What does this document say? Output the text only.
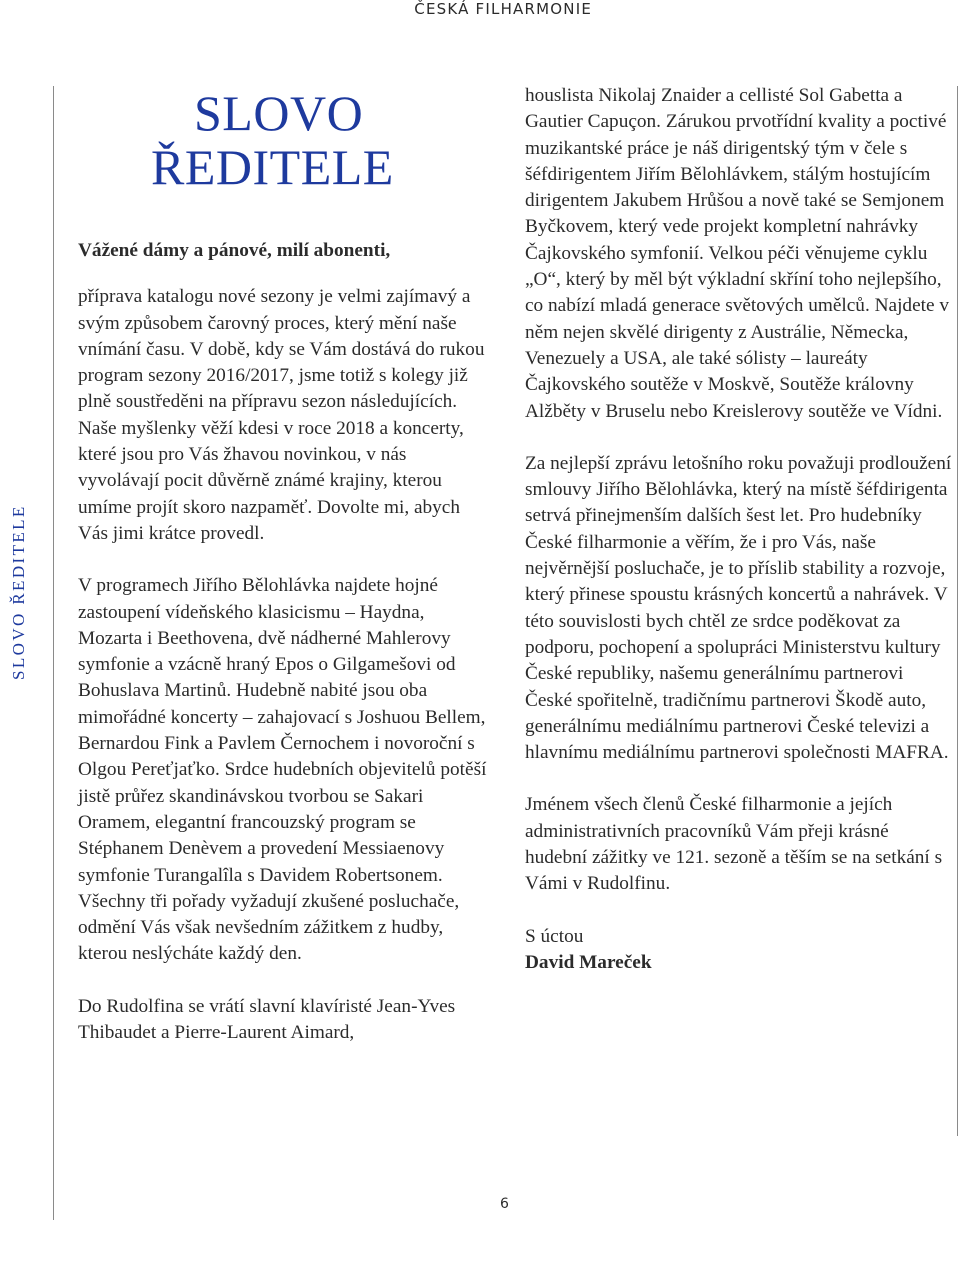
ČESKÁ FILHARMONIE
SLOVO ŘEDITELE
SLOVO
ŘEDITELE

Vážené dámy a pánové, milí abonenti,

příprava katalogu nové sezony je velmi zajímavý a svým způsobem čarovný proces, který mění naše vnímání času. V době, kdy se Vám dostává do rukou program sezony 2016/2017, jsme totiž s kolegy již plně soustředěni na přípravu sezon následujících. Naše myšlenky věží kdesi v roce 2018 a koncerty, které jsou pro Vás žhavou novinkou, v nás vyvolávají pocit důvěrně známé krajiny, kterou umíme projít skoro nazpaměť. Dovolte mi, abych Vás jimi krátce provedl.

V programech Jiřího Bělohlávka najdete hojné zastoupení vídeňského klasicismu – Haydna, Mozarta i Beethovena, dvě nádherné Mahlerovy symfonie a vzácně hraný Epos o Gilgamešovi od Bohuslava Martinů. Hudebně nabité jsou oba mimořádné koncerty – zahajovací s Joshuou Bellem, Bernardou Fink a Pavlem Černochem i novoroční s Olgou Pereťjaťko. Srdce hudebních objevitelů potěší jistě průřez skandinávskou tvorbou se Sakari Oramem, elegantní francouzský program se Stéphanem Denèvem a provedení Messiaenovy symfonie Turangalîla s Davidem Robertsonem. Všechny tři pořady vyžadují zkušené posluchače, odmění Vás však nevšedním zážitkem z hudby, kterou neslýcháte každý den.

Do Rudolfina se vrátí slavní klavíristé Jean-Yves Thibaudet a Pierre-Laurent Aimard,

houslista Nikolaj Znaider a cellisté Sol Gabetta a Gautier Capuçon. Zárukou prvotřídní kvality a poctivé muzikantské práce je náš dirigentský tým v čele s šéfdirigentem Jiřím Bělohlávkem, stálým hostujícím dirigentem Jakubem Hrůšou a nově také se Semjonem Byčkovem, který vede projekt kompletní nahrávky Čajkovského symfonií. Velkou péči věnujeme cyklu „O“, který by měl být výkladní skříní toho nejlepšího, co nabízí mladá generace světových umělců. Najdete v něm nejen skvělé dirigenty z Austrálie, Německa, Venezuely a USA, ale také sólisty – laureáty Čajkovského soutěže v Moskvě, Soutěže královny Alžběty v Bruselu nebo Kreislerovy soutěže ve Vídni.

Za nejlepší zprávu letošního roku považuji prodloužení smlouvy Jiřího Bělohlávka, který na místě šéfdirigenta setrvá přinejmenším dalších šest let. Pro hudebníky České filharmonie a věřím, že i pro Vás, naše nejvěrnější posluchače, je to příslib stability a rozvoje, který přinese spoustu krásných koncertů a nahrávek. V této souvislosti bych chtěl ze srdce poděkovat za podporu, pochopení a spolupráci Ministerstvu kultury České republiky, našemu generálnímu partnerovi České spořitelně, tradičnímu partnerovi Škodě auto, generálnímu mediálnímu partnerovi České televizi a hlavnímu mediálnímu partnerovi společnosti MAFRA.

Jménem všech členů České filharmonie a jejích administrativních pracovníků Vám přeji krásné hudební zážitky ve 121. sezoně a těším se na setkání s Vámi v Rudolfinu.

S úctou

David Mareček

6
